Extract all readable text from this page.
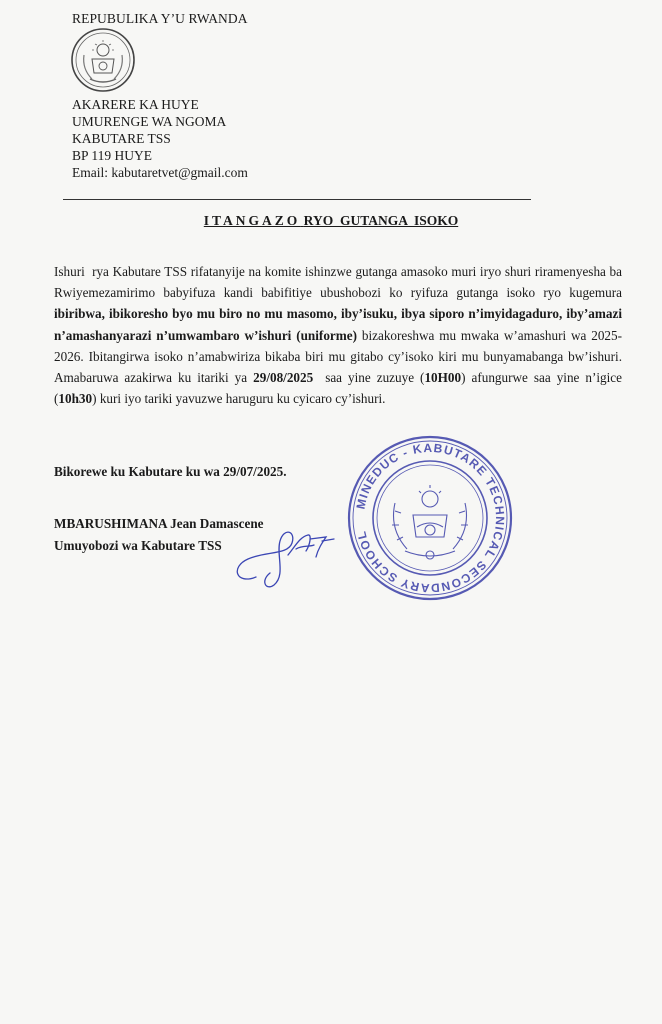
REPUBULIKA Y’U RWANDA
AKARERE KA HUYE
UMURENGE WA NGOMA
KABUTARE TSS
BP 119 HUYE
Email: kabutaretvet@gmail.com
ITANGAZO RYO  GUTANGA  ISOKO
Ishuri  rya Kabutare TSS rifatanyije na komite ishinzwe gutanga amasoko muri iryo shuri riramenyesha ba Rwiyemezamirimo babyifuza kandi babifitiye ubushobozi ko ryifuza gutanga isoko ryo kugemura ibiribwa, ibikoresho byo mu biro no mu masomo, iby’isuku, ibya siporo n’imyidagaduro, iby’amazi n’amashanyarazi n’umwambaro w’ishuri (uniforme) bizakoreshwa mu mwaka w’amashuri wa 2025-2026. Ibitangirwa isoko n’amabwiriza bikaba biri mu gitabo cy’isoko kiri mu bunyamabanga bw’ishuri. Amabaruwa azakirwa ku itariki ya 29/08/2025  saa yine zuzuye (10H00) afungurwe saa yine n’igice (10h30) kuri iyo tariki yavuzwe haruguru ku cyicaro cy’ishuri.
Bikorewe ku Kabutare ku wa 29/07/2025.
MBARUSHIMANA Jean Damascene
Umuyobozi wa Kabutare TSS
MINEDUC - KABUTARE TECHNICAL SECONDARY SCHOOL
